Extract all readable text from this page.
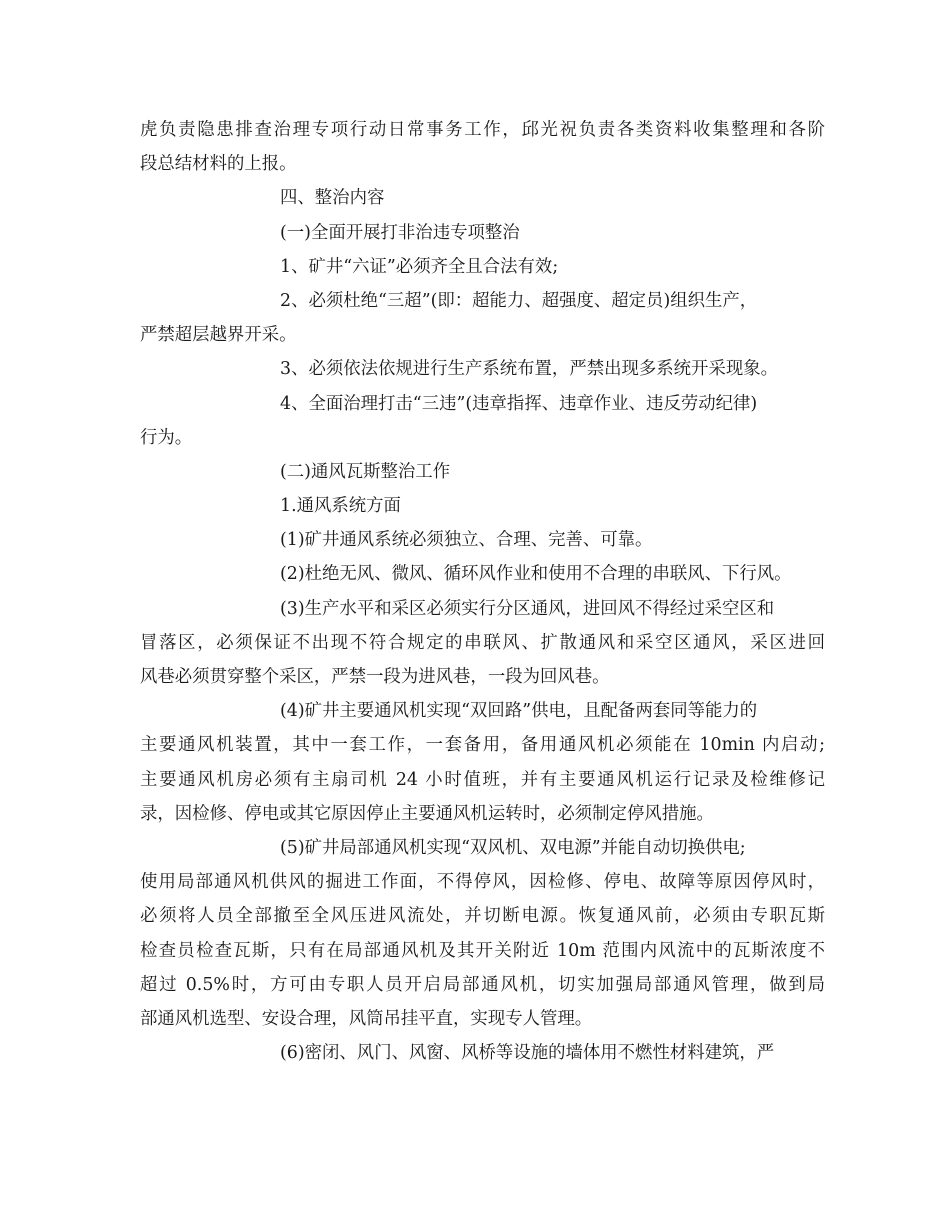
虎负责隐患排查治理专项行动日常事务工作，邱光祝负责各类资料收集整理和各阶
段总结材料的上报。
四、整治内容
(一)全面开展打非治违专项整治
1、矿井“六证”必须齐全且合法有效;
2、必须杜绝“三超”(即：超能力、超强度、超定员)组织生产，
严禁超层越界开采。
3、必须依法依规进行生产系统布置，严禁出现多系统开采现象。
4、全面治理打击“三违”(违章指挥、违章作业、违反劳动纪律)
行为。
(二)通风瓦斯整治工作
1.通风系统方面
(1)矿井通风系统必须独立、合理、完善、可靠。
(2)杜绝无风、微风、循环风作业和使用不合理的串联风、下行风。
(3)生产水平和采区必须实行分区通风，进回风不得经过采空区和
冒落区，必须保证不出现不符合规定的串联风、扩散通风和采空区通风，采区进回
风巷必须贯穿整个采区，严禁一段为进风巷，一段为回风巷。
(4)矿井主要通风机实现“双回路”供电，且配备两套同等能力的
主要通风机装置，其中一套工作，一套备用，备用通风机必须能在 10min 内启动;
主要通风机房必须有主扇司机 24 小时值班，并有主要通风机运行记录及检维修记
录，因检修、停电或其它原因停止主要通风机运转时，必须制定停风措施。
(5)矿井局部通风机实现“双风机、双电源”并能自动切换供电;
使用局部通风机供风的掘进工作面，不得停风，因检修、停电、故障等原因停风时，
必须将人员全部撤至全风压进风流处，并切断电源。恢复通风前，必须由专职瓦斯
检查员检查瓦斯，只有在局部通风机及其开关附近 10m 范围内风流中的瓦斯浓度不
超过 0.5%时，方可由专职人员开启局部通风机，切实加强局部通风管理，做到局
部通风机选型、安设合理，风筒吊挂平直，实现专人管理。
(6)密闭、风门、风窗、风桥等设施的墙体用不燃性材料建筑，严
